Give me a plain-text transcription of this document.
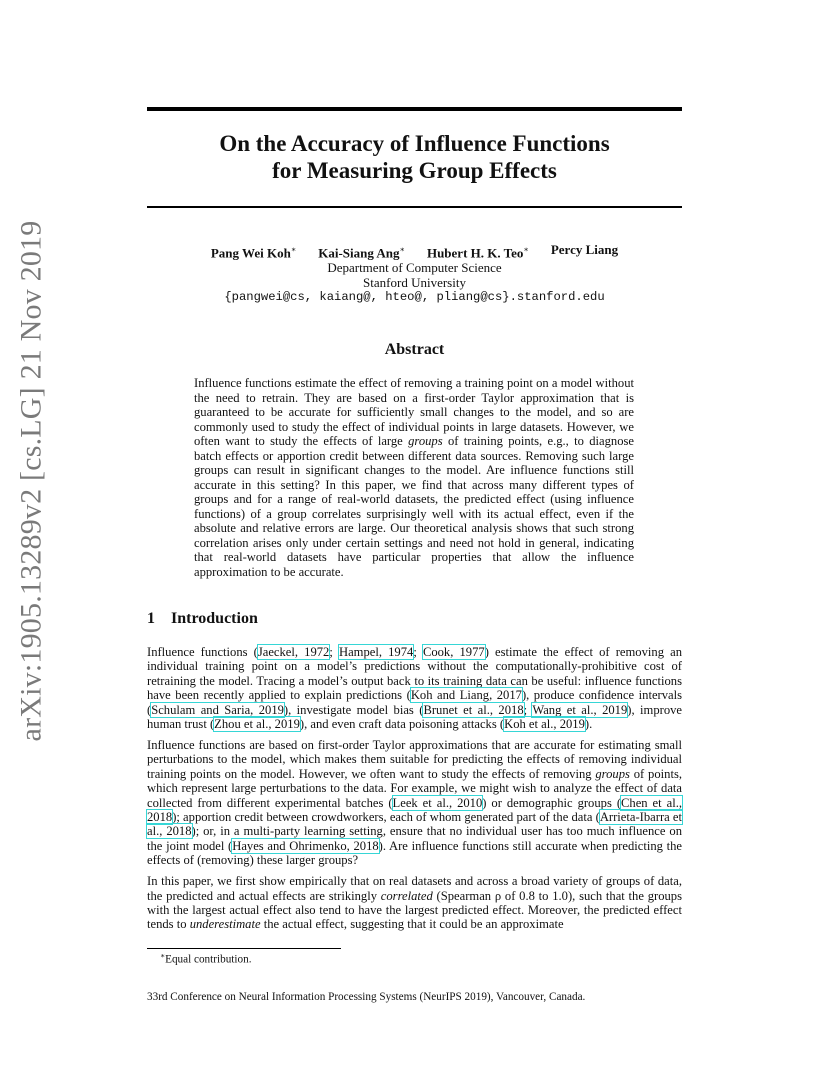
arXiv:1905.13289v2 [cs.LG] 21 Nov 2019
On the Accuracy of Influence Functions
for Measuring Group Effects
Pang Wei Koh∗ Kai-Siang Ang∗ Hubert H. K. Teo∗ Percy Liang
Department of Computer Science
Stanford University
{pangwei@cs, kaiang@, hteo@, pliang@cs}.stanford.edu
Abstract
Influence functions estimate the effect of removing a training point on a model without the need to retrain. They are based on a first-order Taylor approximation that is guaranteed to be accurate for sufficiently small changes to the model, and so are commonly used to study the effect of individual points in large datasets. However, we often want to study the effects of large groups of training points, e.g., to diagnose batch effects or apportion credit between different data sources. Removing such large groups can result in significant changes to the model. Are influence functions still accurate in this setting? In this paper, we find that across many different types of groups and for a range of real-world datasets, the predicted effect (using influence functions) of a group correlates surprisingly well with its actual effect, even if the absolute and relative errors are large. Our theoretical analysis shows that such strong correlation arises only under certain settings and need not hold in general, indicating that real-world datasets have particular properties that allow the influence approximation to be accurate.
1 Introduction

Influence functions (Jaeckel, 1972; Hampel, 1974; Cook, 1977) estimate the effect of removing an individual training point on a model’s predictions without the computationally-prohibitive cost of retraining the model. Tracing a model’s output back to its training data can be useful: influence functions have been recently applied to explain predictions (Koh and Liang, 2017), produce confidence intervals (Schulam and Saria, 2019), investigate model bias (Brunet et al., 2018; Wang et al., 2019), improve human trust (Zhou et al., 2019), and even craft data poisoning attacks (Koh et al., 2019).

Influence functions are based on first-order Taylor approximations that are accurate for estimating small perturbations to the model, which makes them suitable for predicting the effects of removing individual training points on the model. However, we often want to study the effects of removing groups of points, which represent large perturbations to the data. For example, we might wish to analyze the effect of data collected from different experimental batches (Leek et al., 2010) or demographic groups (Chen et al., 2018); apportion credit between crowdworkers, each of whom generated part of the data (Arrieta-Ibarra et al., 2018); or, in a multi-party learning setting, ensure that no individual user has too much influence on the joint model (Hayes and Ohrimenko, 2018). Are influence functions still accurate when predicting the effects of (removing) these larger groups?

In this paper, we first show empirically that on real datasets and across a broad variety of groups of data, the predicted and actual effects are strikingly correlated (Spearman ρ of 0.8 to 1.0), such that the groups with the largest actual effect also tend to have the largest predicted effect. Moreover, the predicted effect tends to underestimate the actual effect, suggesting that it could be an approximate

∗Equal contribution.
33rd Conference on Neural Information Processing Systems (NeurIPS 2019), Vancouver, Canada.
